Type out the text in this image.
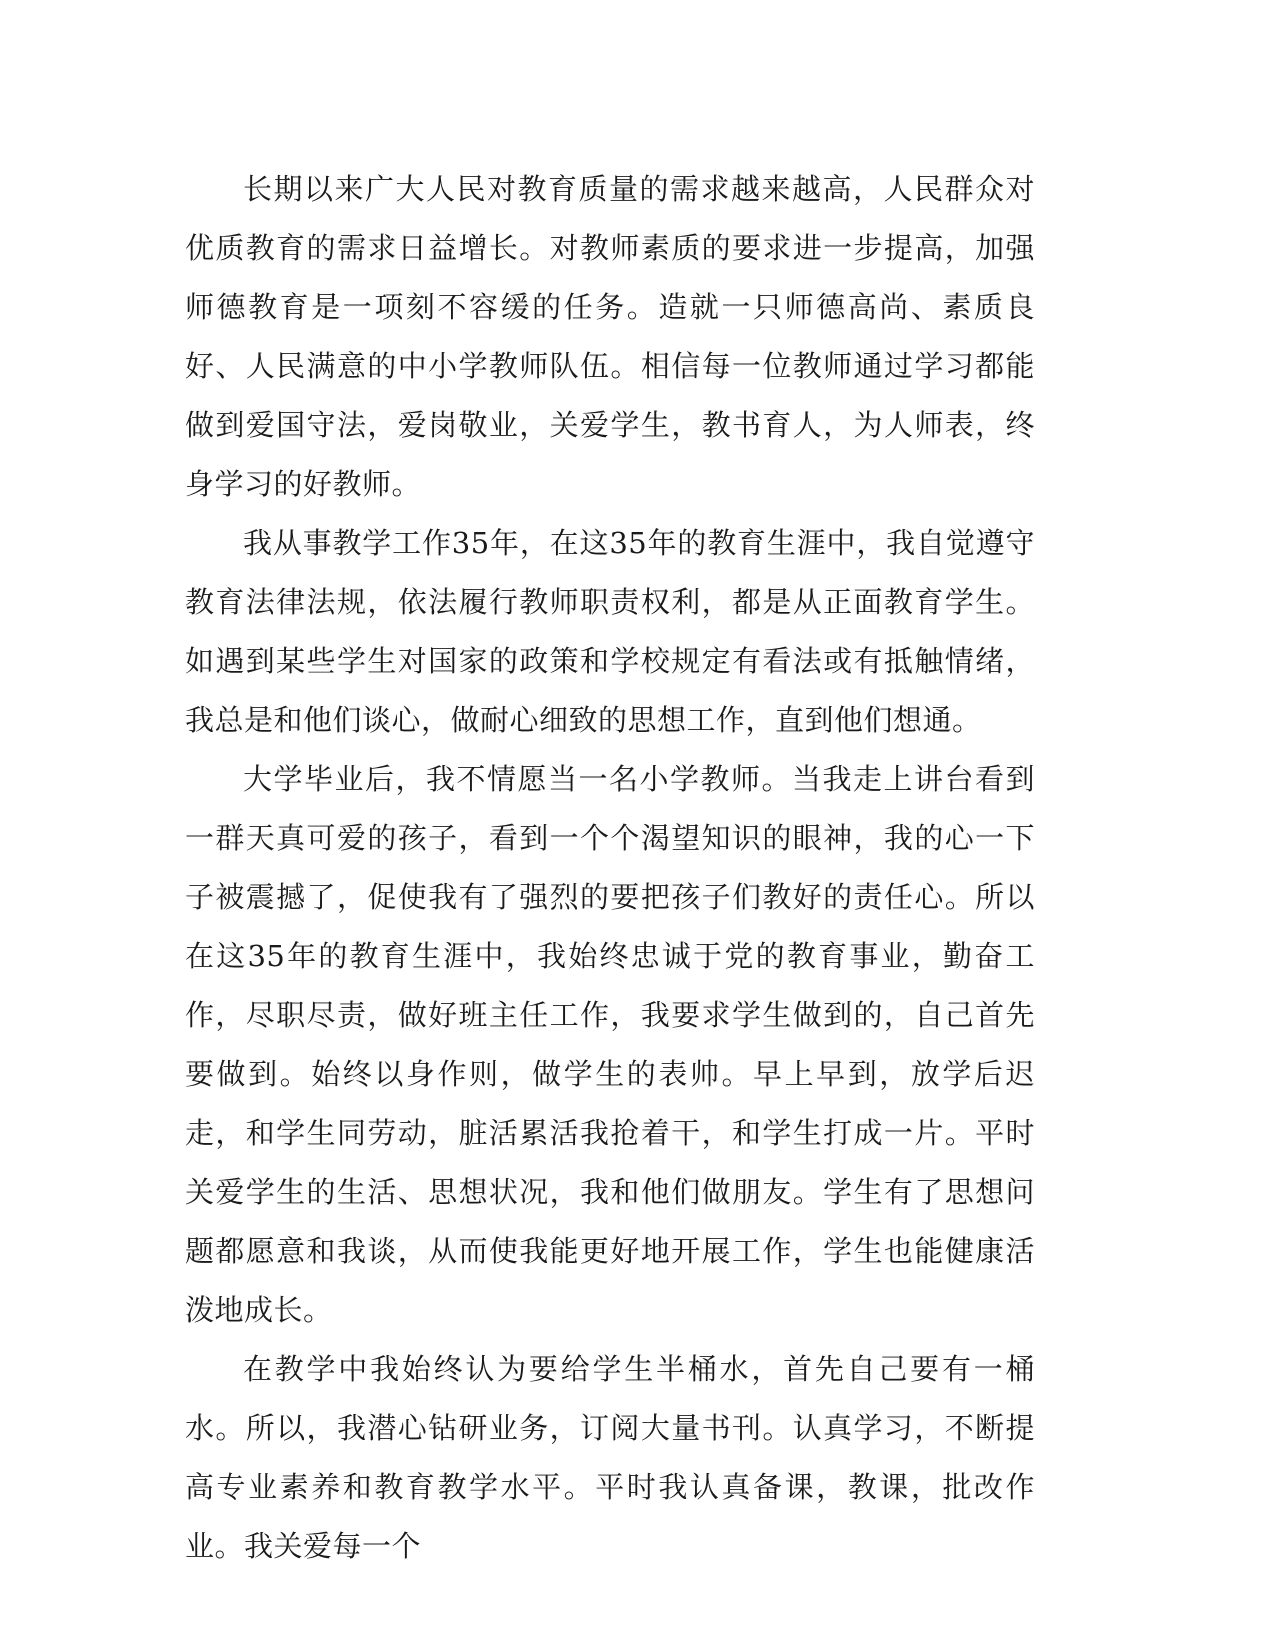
长期以来广大人民对教育质量的需求越来越高，人民群众对优质教育的需求日益增长。对教师素质的要求进一步提高，加强师德教育是一项刻不容缓的任务。造就一只师德高尚、素质良好、人民满意的中小学教师队伍。相信每一位教师通过学习都能做到爱国守法，爱岗敬业，关爱学生，教书育人，为人师表，终身学习的好教师。

我从事教学工作35年，在这35年的教育生涯中，我自觉遵守教育法律法规，依法履行教师职责权利，都是从正面教育学生。如遇到某些学生对国家的政策和学校规定有看法或有抵触情绪，我总是和他们谈心，做耐心细致的思想工作，直到他们想通。

大学毕业后，我不情愿当一名小学教师。当我走上讲台看到一群天真可爱的孩子，看到一个个渴望知识的眼神，我的心一下子被震撼了，促使我有了强烈的要把孩子们教好的责任心。所以在这35年的教育生涯中，我始终忠诚于党的教育事业，勤奋工作，尽职尽责，做好班主任工作，我要求学生做到的，自己首先要做到。始终以身作则，做学生的表帅。早上早到，放学后迟走，和学生同劳动，脏活累活我抢着干，和学生打成一片。平时关爱学生的生活、思想状况，我和他们做朋友。学生有了思想问题都愿意和我谈，从而使我能更好地开展工作，学生也能健康活泼地成长。

在教学中我始终认为要给学生半桶水，首先自己要有一桶水。所以，我潜心钻研业务，订阅大量书刊。认真学习，不断提高专业素养和教育教学水平。平时我认真备课，教课，批改作业。我关爱每一个
